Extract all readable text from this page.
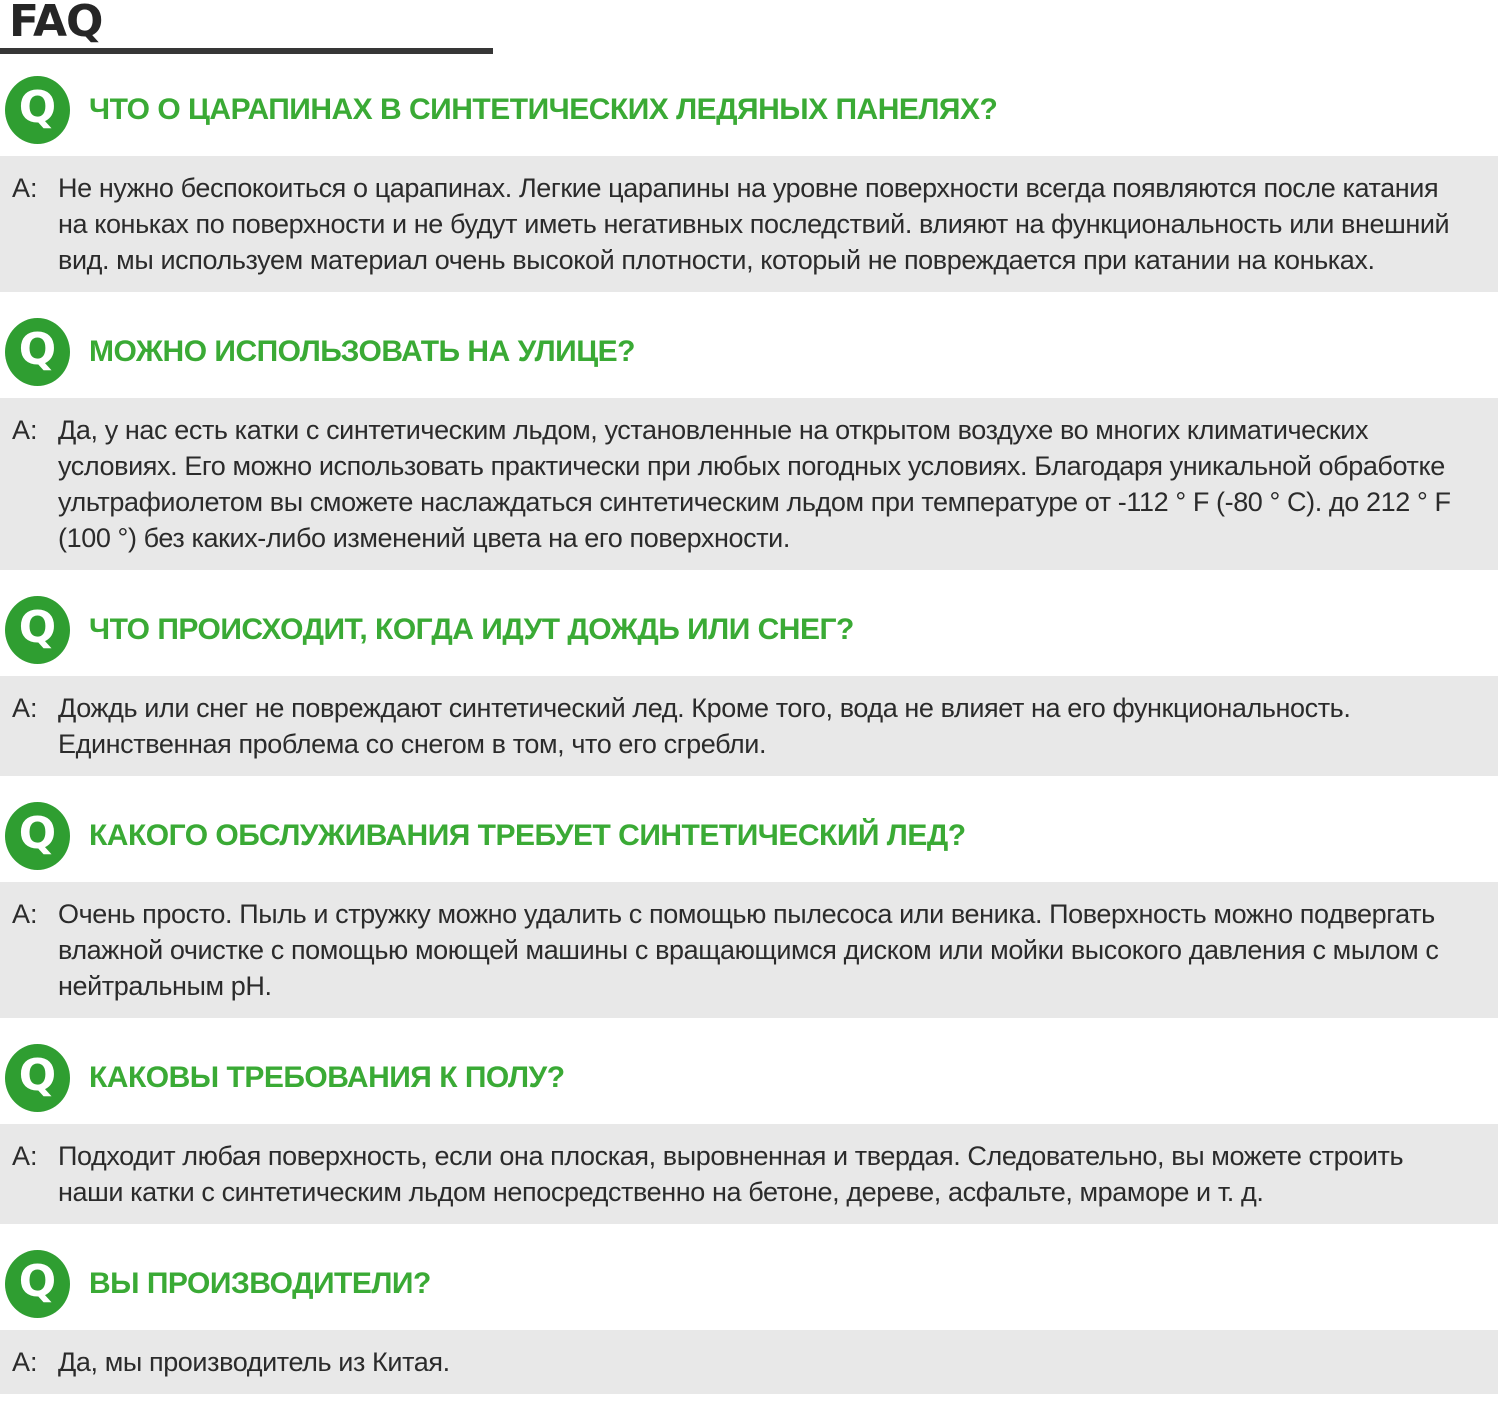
FAQ
Q	ЧТО О ЦАРАПИНАХ В СИНТЕТИЧЕСКИХ ЛЕДЯНЫХ ПАНЕЛЯХ?
A: Не нужно беспокоиться о царапинах. Легкие царапины на уровне поверхности всегда появляются после катания на коньках по поверхности и не будут иметь негативных последствий. влияют на функциональность или внешний вид. мы используем материал очень высокой плотности, который не повреждается при катании на коньках.

Q	МОЖНО ИСПОЛЬЗОВАТЬ НА УЛИЦЕ?
A: Да, у нас есть катки с синтетическим льдом, установленные на открытом воздухе во многих климатических условиях. Его можно использовать практически при любых погодных условиях. Благодаря уникальной обработке ультрафиолетом вы сможете наслаждаться синтетическим льдом при температуре от -112 ° F (-80 ° C). до 212 ° F (100 °) без каких-либо изменений цвета на его поверхности.

Q	ЧТО ПРОИСХОДИТ, КОГДА ИДУТ ДОЖДЬ ИЛИ СНЕГ?
A: Дождь или снег не повреждают синтетический лед. Кроме того, вода не влияет на его функциональность. Единственная проблема со снегом в том, что его сгребли.

Q	КАКОГО ОБСЛУЖИВАНИЯ ТРЕБУЕТ СИНТЕТИЧЕСКИЙ ЛЕД?
A: Очень просто. Пыль и стружку можно удалить с помощью пылесоса или веника. Поверхность можно подвергать влажной очистке с помощью моющей машины с вращающимся диском или мойки высокого давления с мылом с нейтральным pH.

Q	КАКОВЫ ТРЕБОВАНИЯ К ПОЛУ?
A: Подходит любая поверхность, если она плоская, выровненная и твердая. Следовательно, вы можете строить наши катки с синтетическим льдом непосредственно на бетоне, дереве, асфальте, мраморе и т. д.

Q	ВЫ ПРОИЗВОДИТЕЛИ?
A: Да, мы производитель из Китая.
